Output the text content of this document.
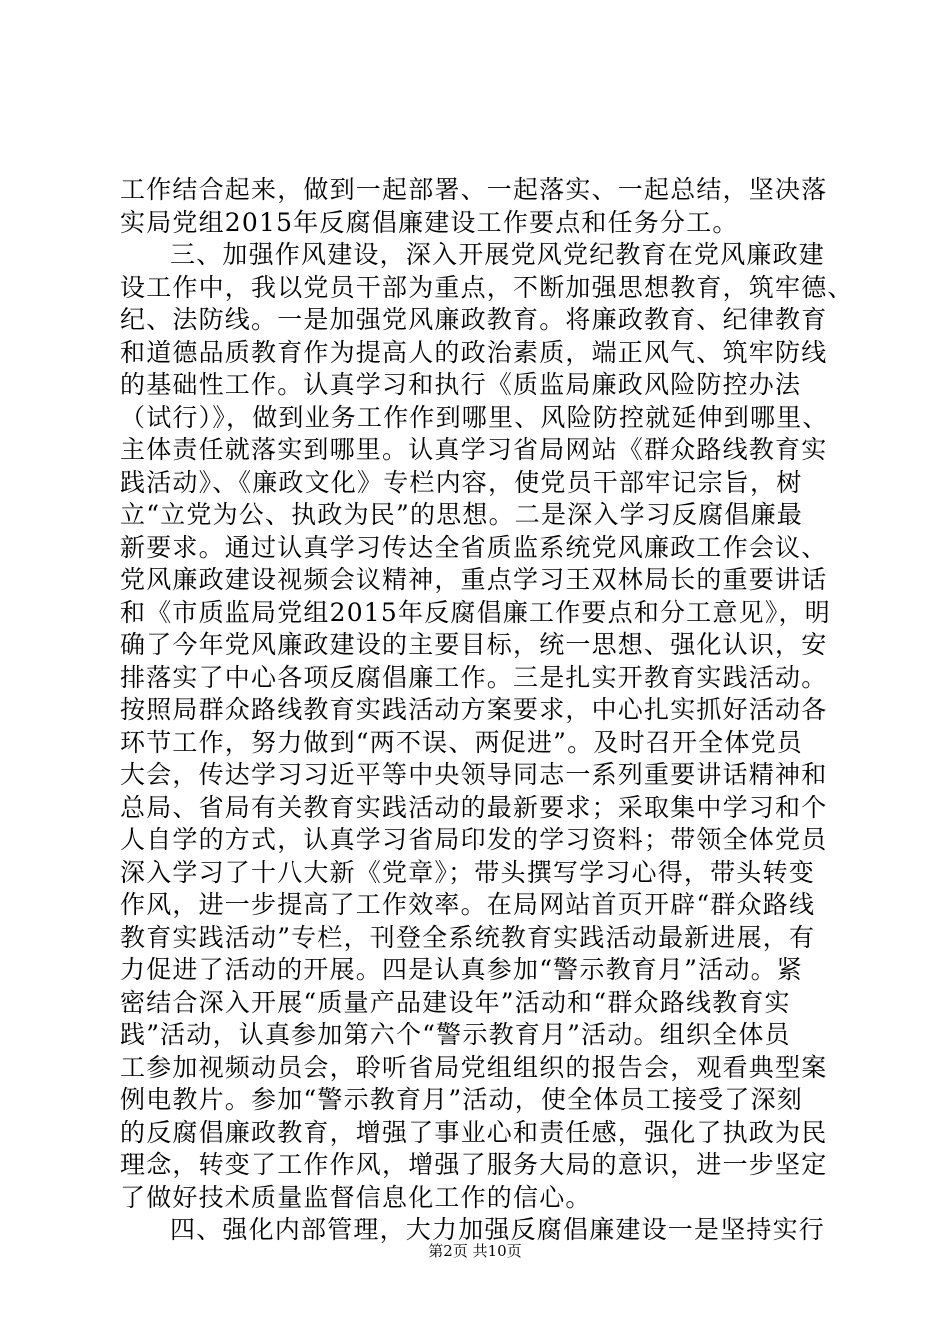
工作结合起来，做到一起部署、一起落实、一起总结，坚决落
实局党组2015年反腐倡廉建设工作要点和任务分工。
三、加强作风建设，深入开展党风党纪教育在党风廉政建
设工作中，我以党员干部为重点，不断加强思想教育，筑牢德、
纪、法防线。一是加强党风廉政教育。将廉政教育、纪律教育
和道德品质教育作为提高人的政治素质，端正风气、筑牢防线
的基础性工作。认真学习和执行《质监局廉政风险防控办法
（试行）》，做到业务工作作到哪里、风险防控就延伸到哪里、
主体责任就落实到哪里。认真学习省局网站《群众路线教育实
践活动》、《廉政文化》专栏内容，使党员干部牢记宗旨，树
立“立党为公、执政为民”的思想。二是深入学习反腐倡廉最
新要求。通过认真学习传达全省质监系统党风廉政工作会议、
党风廉政建设视频会议精神，重点学习王双林局长的重要讲话
和《市质监局党组2015年反腐倡廉工作要点和分工意见》，明
确了今年党风廉政建设的主要目标，统一思想、强化认识，安
排落实了中心各项反腐倡廉工作。三是扎实开教育实践活动。
按照局群众路线教育实践活动方案要求，中心扎实抓好活动各
环节工作，努力做到“两不误、两促进”。及时召开全体党员
大会，传达学习习近平等中央领导同志一系列重要讲话精神和
总局、省局有关教育实践活动的最新要求；采取集中学习和个
人自学的方式，认真学习省局印发的学习资料；带领全体党员
深入学习了十八大新《党章》；带头撰写学习心得，带头转变
作风，进一步提高了工作效率。在局网站首页开辟“群众路线
教育实践活动”专栏，刊登全系统教育实践活动最新进展，有
力促进了活动的开展。四是认真参加“警示教育月”活动。紧
密结合深入开展“质量产品建设年”活动和“群众路线教育实
践”活动，认真参加第六个“警示教育月”活动。组织全体员
工参加视频动员会，聆听省局党组组织的报告会，观看典型案
例电教片。参加“警示教育月”活动，使全体员工接受了深刻
的反腐倡廉政教育，增强了事业心和责任感，强化了执政为民
理念，转变了工作作风，增强了服务大局的意识，进一步坚定
了做好技术质量监督信息化工作的信心。
四、强化内部管理，大力加强反腐倡廉建设一是坚持实行
第2页 共10页
